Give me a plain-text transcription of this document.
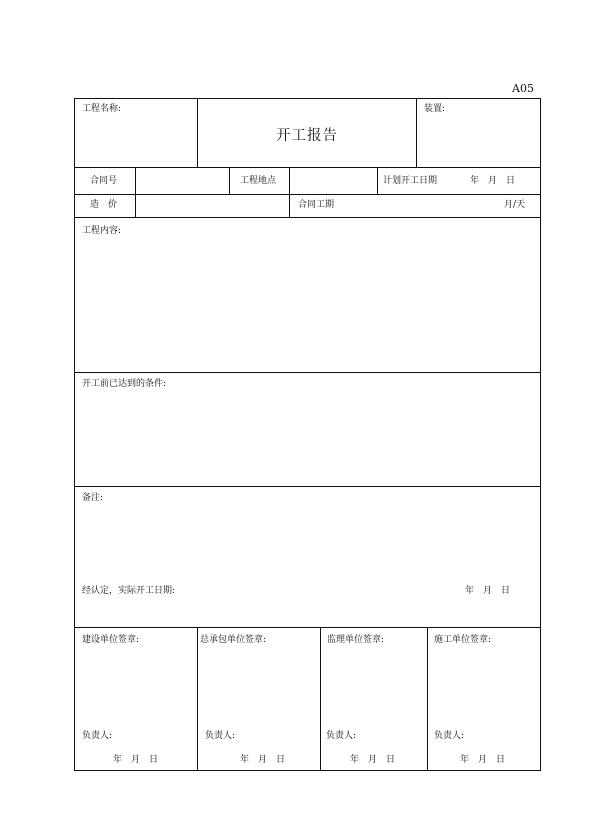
A05
工程名称:
开工报告
装置:
合同号	工程地点	计划开工日期	年　月　日
造　价	合同工期	月/天
工程内容:
开工前已达到的条件:
备注:
经认定，实际开工日期:	年　月　日
建设单位签章:
负责人:
年　月　日
总承包单位签章:
负责人:
年　月　日
监理单位签章:
负责人:
年　月　日
施工单位签章:
负责人:
年　月　日
